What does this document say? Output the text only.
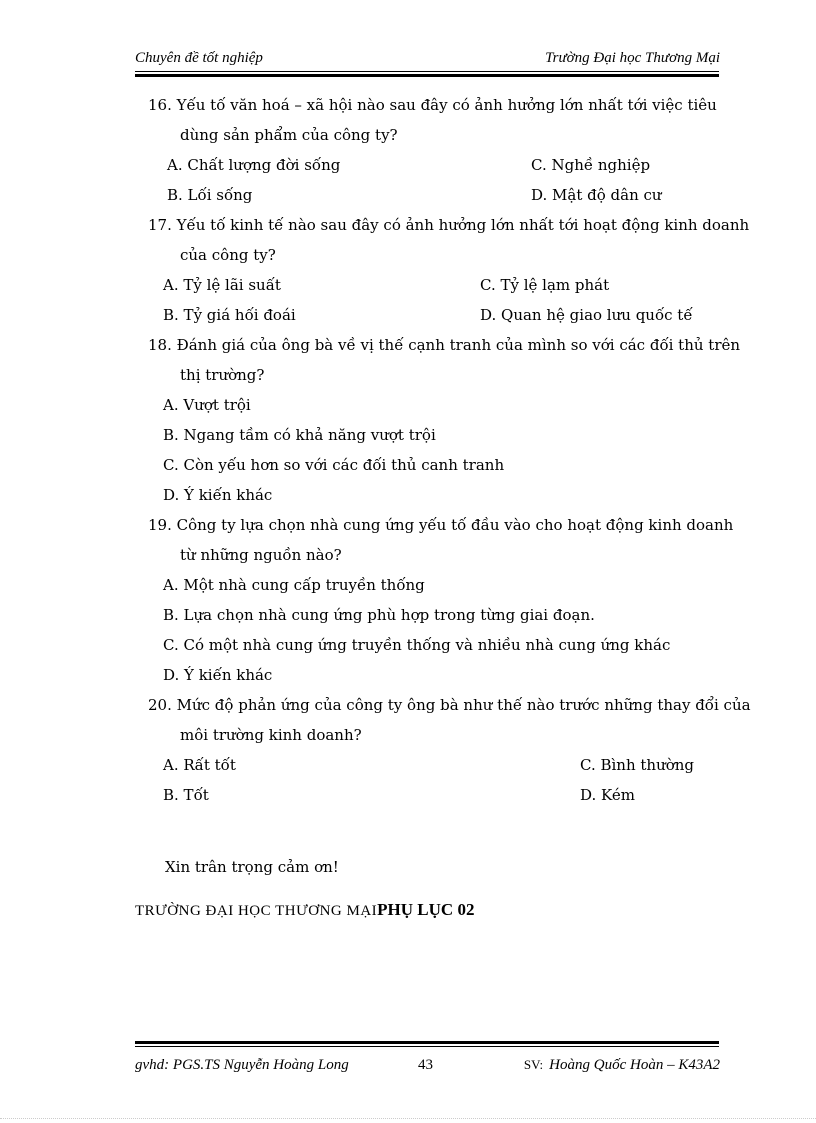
Chuyên đề tốt nghiệp	Trường Đại học Thương Mại
16. Yếu tố văn hoá – xã hội nào sau đây có ảnh hưởng lớn nhất tới việc tiêu
dùng sản phẩm của công ty?
A. Chất lượng đời sống	C. Nghề nghiệp
B. Lối sống	D. Mật độ dân cư
17. Yếu tố kinh tế nào sau đây có ảnh hưởng lớn nhất tới hoạt động kinh doanh
của công ty?
A. Tỷ lệ lãi suất	C. Tỷ lệ lạm phát
B. Tỷ giá hối đoái	D. Quan hệ giao lưu quốc tế
18. Đánh giá của ông bà về vị thế cạnh tranh của mình so với các đối thủ trên
thị trường?
A. Vượt trội
B. Ngang tầm có khả năng vượt trội
C. Còn yếu hơn so với các đối thủ canh tranh
D. Ý kiến khác
19. Công ty lựa chọn nhà cung ứng yếu tố đầu vào cho hoạt động kinh doanh
từ những nguồn nào?
A. Một nhà cung cấp truyền thống
B. Lựa chọn nhà cung ứng phù hợp trong từng giai đoạn.
C. Có một nhà cung ứng truyền thống và nhiều nhà cung ứng khác
D. Ý kiến khác
20. Mức độ phản ứng của công ty ông bà như thế nào trước những thay đổi của
môi trường kinh doanh?
A. Rất tốt	C. Bình thường
B. Tốt	D. Kém
Xin trân trọng cảm ơn!
TRƯỜNG ĐẠI HỌC THƯƠNG MẠIPHỤ LỤC 02
gvhd: PGS.TS Nguyễn Hoàng Long	43	SV: Hoàng Quốc Hoàn – K43A2
